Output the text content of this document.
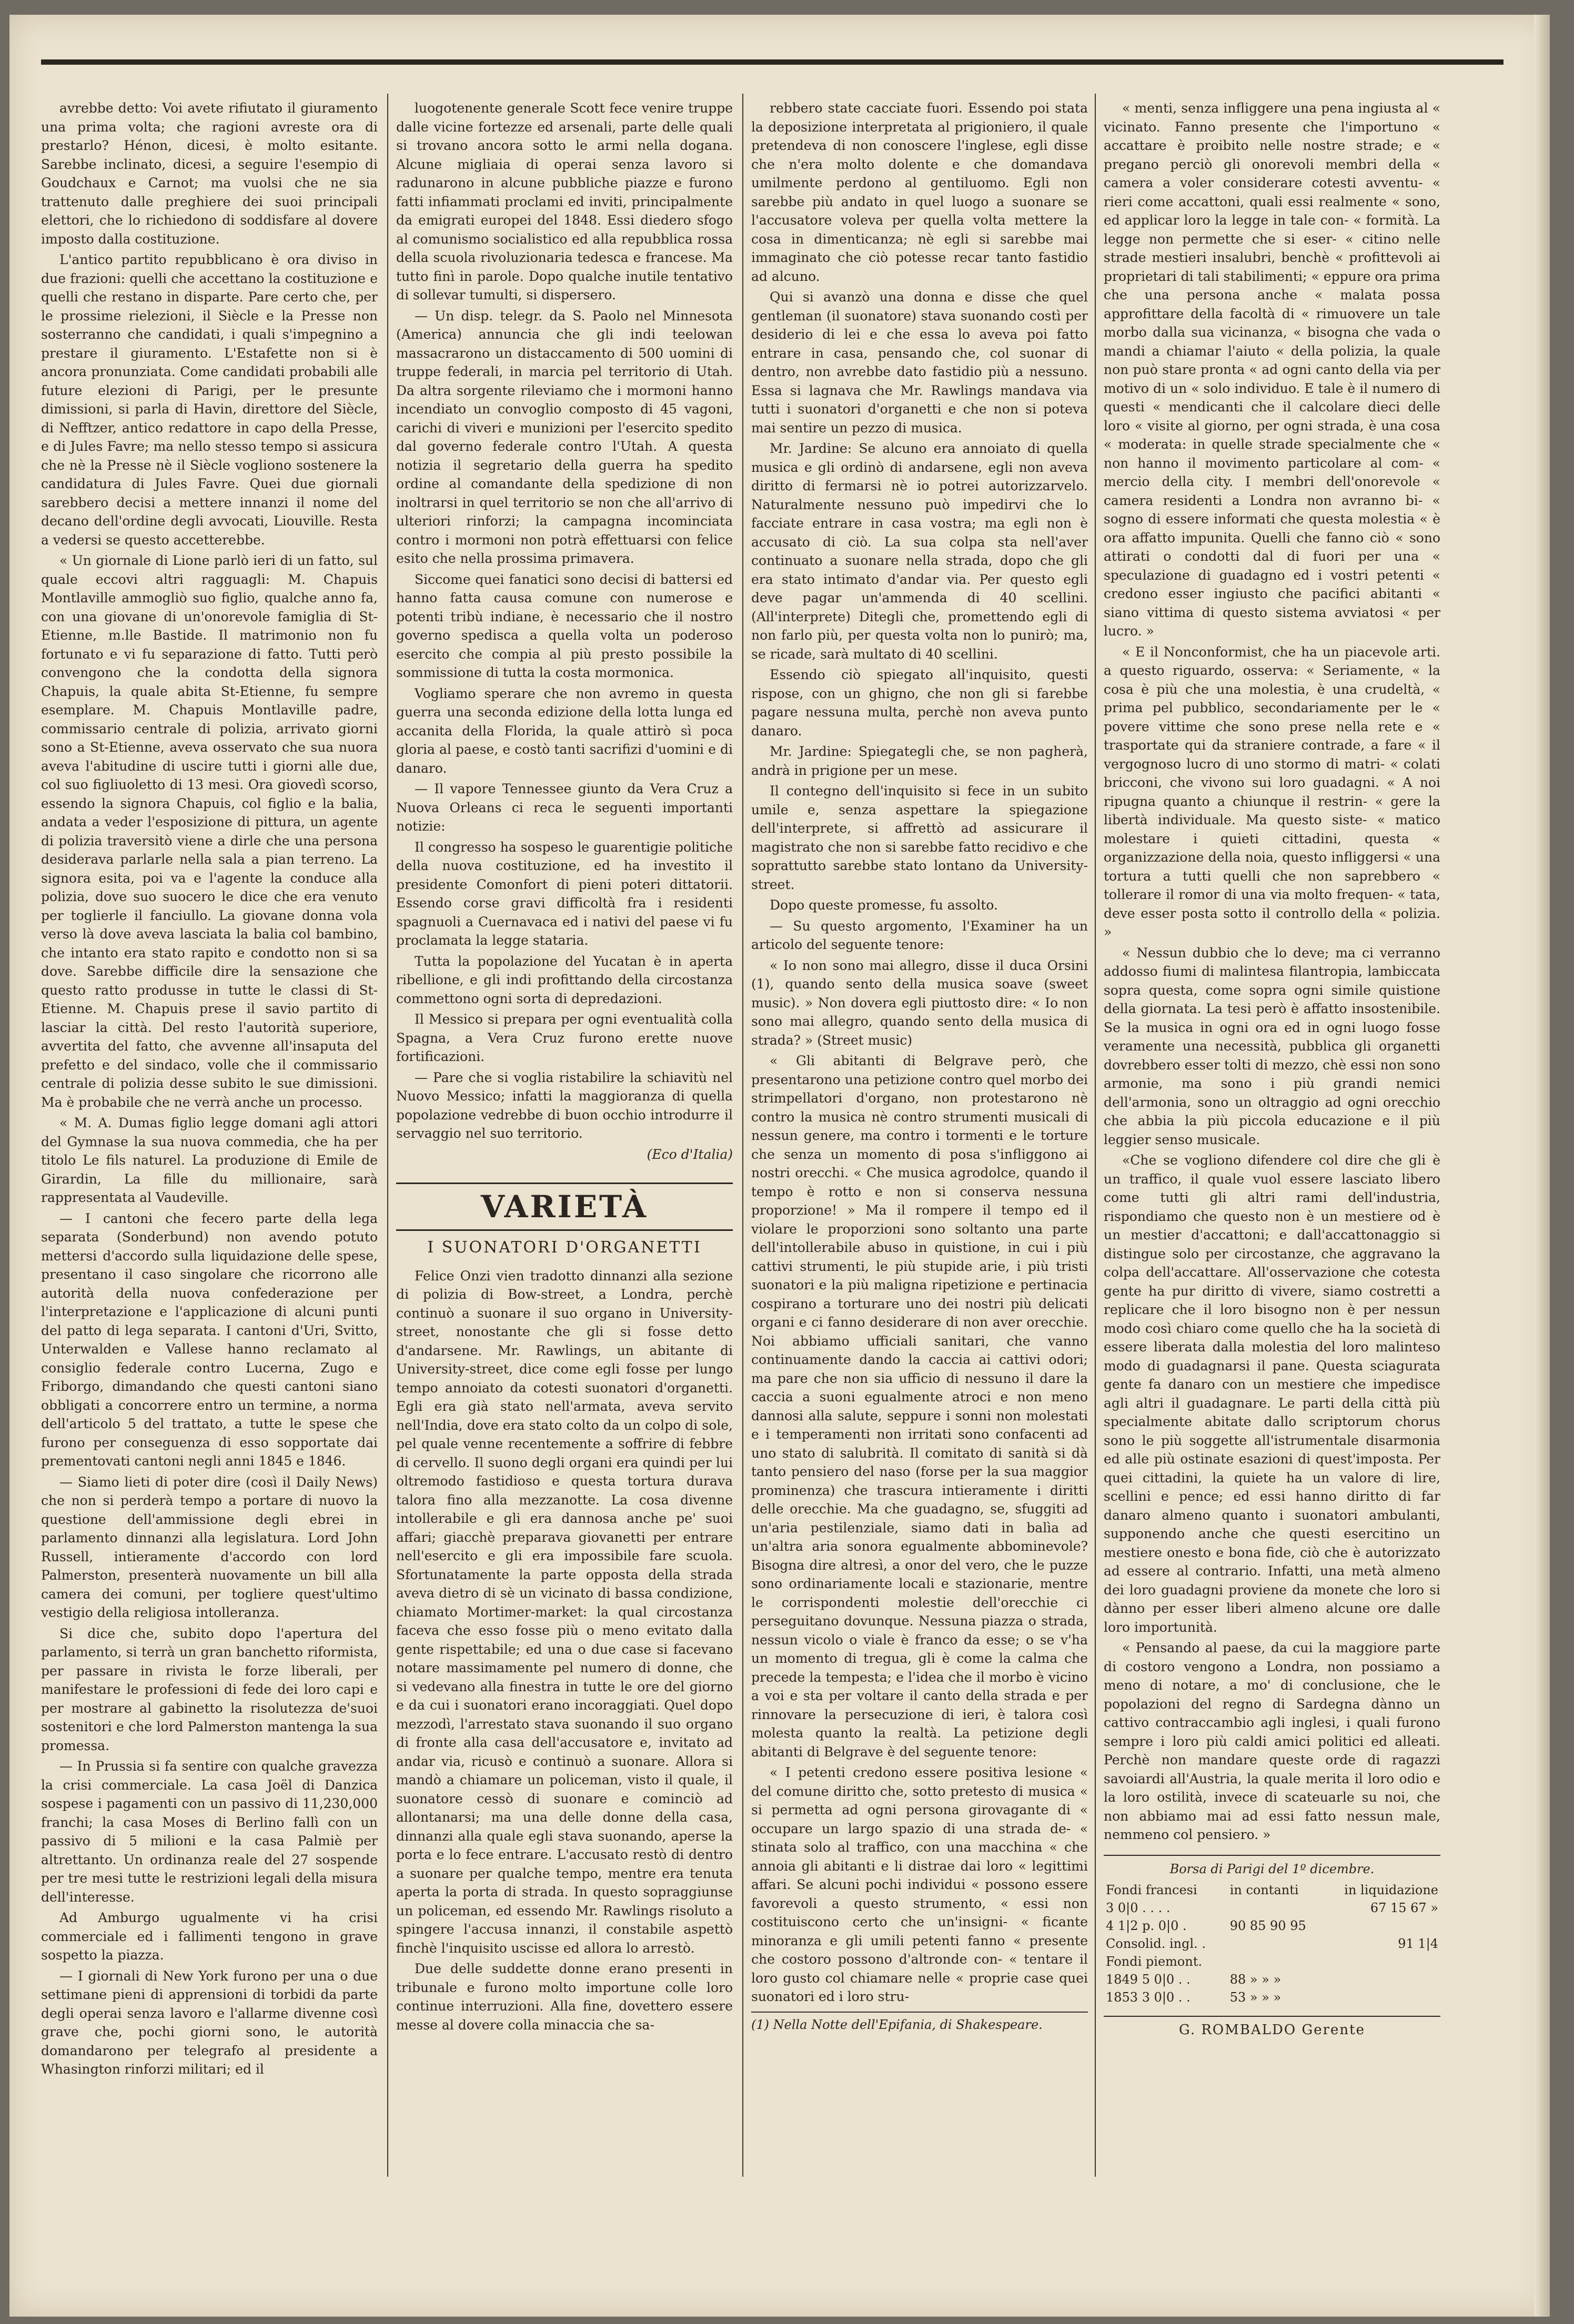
avrebbe detto: Voi avete rifiutato il giuramento una prima volta; che ragioni avreste ora di prestarlo? Hénon, dicesi, è molto esitante. Sarebbe inclinato, dicesi, a seguire l'esempio di Goudchaux e Carnot; ma vuolsi che ne sia trattenuto dalle preghiere dei suoi principali elettori, che lo richiedono di soddisfare al dovere imposto dalla costituzione.

L'antico partito repubblicano è ora diviso in due frazioni: quelli che accettano la costituzione e quelli che restano in disparte. Pare certo che, per le prossime rielezioni, il Siècle e la Presse non sosterranno che candidati, i quali s'impegnino a prestare il giuramento. L'Estafette non si è ancora pronunziata. Come candidati probabili alle future elezioni di Parigi, per le presunte dimissioni, si parla di Havin, direttore del Siècle, di Nefftzer, antico redattore in capo della Presse, e di Jules Favre; ma nello stesso tempo si assicura che nè la Presse nè il Siècle vogliono sostenere la candidatura di Jules Favre. Quei due giornali sarebbero decisi a mettere innanzi il nome del decano dell'ordine degli avvocati, Liouville. Resta a vedersi se questo accetterebbe.

« Un giornale di Lione parlò ieri di un fatto, sul quale eccovi altri ragguagli: M. Chapuis Montlaville ammogliò suo figlio, qualche anno fa, con una giovane di un'onorevole famiglia di St-Etienne, m.lle Bastide. Il matrimonio non fu fortunato e vi fu separazione di fatto. Tutti però convengono che la condotta della signora Chapuis, la quale abita St-Etienne, fu sempre esemplare. M. Chapuis Montlaville padre, commissario centrale di polizia, arrivato giorni sono a St-Etienne, aveva osservato che sua nuora aveva l'abitudine di uscire tutti i giorni alle due, col suo figliuoletto di 13 mesi. Ora giovedì scorso, essendo la signora Chapuis, col figlio e la balia, andata a veder l'esposizione di pittura, un agente di polizia traversitò viene a dirle che una persona desiderava parlarle nella sala a pian terreno. La signora esita, poi va e l'agente la conduce alla polizia, dove suo suocero le dice che era venuto per toglierle il fanciullo. La giovane donna vola verso là dove aveva lasciata la balia col bambino, che intanto era stato rapito e condotto non si sa dove. Sarebbe difficile dire la sensazione che questo ratto produsse in tutte le classi di St-Etienne. M. Chapuis prese il savio partito di lasciar la città. Del resto l'autorità superiore, avvertita del fatto, che avvenne all'insaputa del prefetto e del sindaco, volle che il commissario centrale di polizia desse subito le sue dimissioni. Ma è probabile che ne verrà anche un processo.

« M. A. Dumas figlio legge domani agli attori del Gymnase la sua nuova commedia, che ha per titolo Le fils naturel. La produzione di Emile de Girardin, La fille du millionaire, sarà rappresentata al Vaudeville.

— I cantoni che fecero parte della lega separata (Sonderbund) non avendo potuto mettersi d'accordo sulla liquidazione delle spese, presentano il caso singolare che ricorrono alle autorità della nuova confederazione per l'interpretazione e l'applicazione di alcuni punti del patto di lega separata. I cantoni d'Uri, Svitto, Unterwalden e Vallese hanno reclamato al consiglio federale contro Lucerna, Zugo e Friborgo, dimandando che questi cantoni siano obbligati a concorrere entro un termine, a norma dell'articolo 5 del trattato, a tutte le spese che furono per conseguenza di esso sopportate dai prementovati cantoni negli anni 1845 e 1846.

— Siamo lieti di poter dire (così il Daily News) che non si perderà tempo a portare di nuovo la questione dell'ammissione degli ebrei in parlamento dinnanzi alla legislatura. Lord John Russell, intieramente d'accordo con lord Palmerston, presenterà nuovamente un bill alla camera dei comuni, per togliere quest'ultimo vestigio della religiosa intolleranza.

Si dice che, subito dopo l'apertura del parlamento, si terrà un gran banchetto riformista, per passare in rivista le forze liberali, per manifestare le professioni di fede dei loro capi e per mostrare al gabinetto la risolutezza de'suoi sostenitori e che lord Palmerston mantenga la sua promessa.

— In Prussia si fa sentire con qualche gravezza la crisi commerciale. La casa Joël di Danzica sospese i pagamenti con un passivo di 11,230,000 franchi; la casa Moses di Berlino fallì con un passivo di 5 milioni e la casa Palmiè per altrettanto. Un ordinanza reale del 27 sospende per tre mesi tutte le restrizioni legali della misura dell'interesse.

Ad Amburgo ugualmente vi ha crisi commerciale ed i fallimenti tengono in grave sospetto la piazza.

— I giornali di New York furono per una o due settimane pieni di apprensioni di torbidi da parte degli operai senza lavoro e l'allarme divenne così grave che, pochi giorni sono, le autorità domandarono per telegrafo al presidente a Whasington rinforzi militari; ed il

luogotenente generale Scott fece venire truppe dalle vicine fortezze ed arsenali, parte delle quali si trovano ancora sotto le armi nella dogana. Alcune migliaia di operai senza lavoro si radunarono in alcune pubbliche piazze e furono fatti infiammati proclami ed inviti, principalmente da emigrati europei del 1848. Essi diedero sfogo al comunismo socialistico ed alla repubblica rossa della scuola rivoluzionaria tedesca e francese. Ma tutto finì in parole. Dopo qualche inutile tentativo di sollevar tumulti, si dispersero.

— Un disp. telegr. da S. Paolo nel Minnesota (America) annuncia che gli indi teelowan massacrarono un distaccamento di 500 uomini di truppe federali, in marcia pel territorio di Utah. Da altra sorgente rileviamo che i mormoni hanno incendiato un convoglio composto di 45 vagoni, carichi di viveri e munizioni per l'esercito spedito dal governo federale contro l'Utah. A questa notizia il segretario della guerra ha spedito ordine al comandante della spedizione di non inoltrarsi in quel territorio se non che all'arrivo di ulteriori rinforzi; la campagna incominciata contro i mormoni non potrà effettuarsi con felice esito che nella prossima primavera.

Siccome quei fanatici sono decisi di battersi ed hanno fatta causa comune con numerose e potenti tribù indiane, è necessario che il nostro governo spedisca a quella volta un poderoso esercito che compia al più presto possibile la sommissione di tutta la costa mormonica.

Vogliamo sperare che non avremo in questa guerra una seconda edizione della lotta lunga ed accanita della Florida, la quale attirò sì poca gloria al paese, e costò tanti sacrifizi d'uomini e di danaro.

— Il vapore Tennessee giunto da Vera Cruz a Nuova Orleans ci reca le seguenti importanti notizie:

Il congresso ha sospeso le guarentigie politiche della nuova costituzione, ed ha investito il presidente Comonfort di pieni poteri dittatorii. Essendo corse gravi difficoltà fra i residenti spagnuoli a Cuernavaca ed i nativi del paese vi fu proclamata la legge stataria.

Tutta la popolazione del Yucatan è in aperta ribellione, e gli indi profittando della circostanza commettono ogni sorta di depredazioni.

Il Messico si prepara per ogni eventualità colla Spagna, a Vera Cruz furono erette nuove fortificazioni.

— Pare che si voglia ristabilire la schiavitù nel Nuovo Messico; infatti la maggioranza di quella popolazione vedrebbe di buon occhio introdurre il servaggio nel suo territorio.

(Eco d'Italia)

VARIETÀ
I SUONATORI D'ORGANETTI

Felice Onzi vien tradotto dinnanzi alla sezione di polizia di Bow-street, a Londra, perchè continuò a suonare il suo organo in University-street, nonostante che gli si fosse detto d'andarsene. Mr. Rawlings, un abitante di University-street, dice come egli fosse per lungo tempo annoiato da cotesti suonatori d'organetti. Egli era già stato nell'armata, aveva servito nell'India, dove era stato colto da un colpo di sole, pel quale venne recentemente a soffrire di febbre di cervello. Il suono degli organi era quindi per lui oltremodo fastidioso e questa tortura durava talora fino alla mezzanotte. La cosa divenne intollerabile e gli era dannosa anche pe' suoi affari; giacchè preparava giovanetti per entrare nell'esercito e gli era impossibile fare scuola. Sfortunatamente la parte opposta della strada aveva dietro di sè un vicinato di bassa condizione, chiamato Mortimer-market: la qual circostanza faceva che esso fosse più o meno evitato dalla gente rispettabile; ed una o due case si facevano notare massimamente pel numero di donne, che si vedevano alla finestra in tutte le ore del giorno e da cui i suonatori erano incoraggiati. Quel dopo mezzodì, l'arrestato stava suonando il suo organo di fronte alla casa dell'accusatore e, invitato ad andar via, ricusò e continuò a suonare. Allora si mandò a chiamare un policeman, visto il quale, il suonatore cessò di suonare e cominciò ad allontanarsi; ma una delle donne della casa, dinnanzi alla quale egli stava suonando, aperse la porta e lo fece entrare. L'accusato restò di dentro a suonare per qualche tempo, mentre era tenuta aperta la porta di strada. In questo sopraggiunse un policeman, ed essendo Mr. Rawlings risoluto a spingere l'accusa innanzi, il constabile aspettò finchè l'inquisito uscisse ed allora lo arrestò.

Due delle suddette donne erano presenti in tribunale e furono molto importune colle loro continue interruzioni. Alla fine, dovettero essere messe al dovere colla minaccia che sa-

rebbero state cacciate fuori. Essendo poi stata la deposizione interpretata al prigioniero, il quale pretendeva di non conoscere l'inglese, egli disse che n'era molto dolente e che domandava umilmente perdono al gentiluomo. Egli non sarebbe più andato in quel luogo a suonare se l'accusatore voleva per quella volta mettere la cosa in dimenticanza; nè egli si sarebbe mai immaginato che ciò potesse recar tanto fastidio ad alcuno.

Qui si avanzò una donna e disse che quel gentleman (il suonatore) stava suonando costì per desiderio di lei e che essa lo aveva poi fatto entrare in casa, pensando che, col suonar di dentro, non avrebbe dato fastidio più a nessuno. Essa si lagnava che Mr. Rawlings mandava via tutti i suonatori d'organetti e che non si poteva mai sentire un pezzo di musica.

Mr. Jardine: Se alcuno era annoiato di quella musica e gli ordinò di andarsene, egli non aveva diritto di fermarsi nè io potrei autorizzarvelo. Naturalmente nessuno può impedirvi che lo facciate entrare in casa vostra; ma egli non è accusato di ciò. La sua colpa sta nell'aver continuato a suonare nella strada, dopo che gli era stato intimato d'andar via. Per questo egli deve pagar un'ammenda di 40 scellini. (All'interprete) Ditegli che, promettendo egli di non farlo più, per questa volta non lo punirò; ma, se ricade, sarà multato di 40 scellini.

Essendo ciò spiegato all'inquisito, questi rispose, con un ghigno, che non gli si farebbe pagare nessuna multa, perchè non aveva punto danaro.

Mr. Jardine: Spiegategli che, se non pagherà, andrà in prigione per un mese.

Il contegno dell'inquisito si fece in un subito umile e, senza aspettare la spiegazione dell'interprete, si affrettò ad assicurare il magistrato che non si sarebbe fatto recidivo e che soprattutto sarebbe stato lontano da University-street.

Dopo queste promesse, fu assolto.

— Su questo argomento, l'Examiner ha un articolo del seguente tenore:

« Io non sono mai allegro, disse il duca Orsini (1), quando sento della musica soave (sweet music). » Non dovera egli piuttosto dire: « Io non sono mai allegro, quando sento della musica di strada? » (Street music)

« Gli abitanti di Belgrave però, che presentarono una petizione contro quel morbo dei strimpellatori d'organo, non protestarono nè contro la musica nè contro strumenti musicali di nessun genere, ma contro i tormenti e le torture che senza un momento di posa s'infliggono ai nostri orecchi. « Che musica agrodolce, quando il tempo è rotto e non si conserva nessuna proporzione! » Ma il rompere il tempo ed il violare le proporzioni sono soltanto una parte dell'intollerabile abuso in quistione, in cui i più cattivi strumenti, le più stupide arie, i più tristi suonatori e la più maligna ripetizione e pertinacia cospirano a torturare uno dei nostri più delicati organi e ci fanno desiderare di non aver orecchie. Noi abbiamo ufficiali sanitari, che vanno continuamente dando la caccia ai cattivi odori; ma pare che non sia ufficio di nessuno il dare la caccia a suoni egualmente atroci e non meno dannosi alla salute, seppure i sonni non molestati e i temperamenti non irritati sono confacenti ad uno stato di salubrità. Il comitato di sanità si dà tanto pensiero del naso (forse per la sua maggior prominenza) che trascura intieramente i diritti delle orecchie. Ma che guadagno, se, sfuggiti ad un'aria pestilenziale, siamo dati in balìa ad un'altra aria sonora egualmente abbominevole? Bisogna dire altresì, a onor del vero, che le puzze sono ordinariamente locali e stazionarie, mentre le corrispondenti molestie dell'orecchie ci perseguitano dovunque. Nessuna piazza o strada, nessun vicolo o viale è franco da esse; o se v'ha un momento di tregua, gli è come la calma che precede la tempesta; e l'idea che il morbo è vicino a voi e sta per voltare il canto della strada e per rinnovare la persecuzione di ieri, è talora così molesta quanto la realtà. La petizione degli abitanti di Belgrave è del seguente tenore:

« I petenti credono essere positiva lesione « del comune diritto che, sotto pretesto di musica « si permetta ad ogni persona girovagante di « occupare un largo spazio di una strada de- « stinata solo al traffico, con una macchina « che annoia gli abitanti e li distrae dai loro « legittimi affari. Se alcuni pochi individui « possono essere favorevoli a questo strumento, « essi non costituiscono certo che un'insigni- « ficante minoranza e gli umili petenti fanno « presente che costoro possono d'altronde con- « tentare il loro gusto col chiamare nelle « proprie case quei suonatori ed i loro stru-

(1) Nella Notte dell'Epifania, di Shakespeare.

« menti, senza infliggere una pena ingiusta al « vicinato. Fanno presente che l'importuno « accattare è proibito nelle nostre strade; e « pregano perciò gli onorevoli membri della « camera a voler considerare cotesti avventu- « rieri come accattoni, quali essi realmente « sono, ed applicar loro la legge in tale con- « formità. La legge non permette che si eser- « citino nelle strade mestieri insalubri, benchè « profittevoli ai proprietari di tali stabilimenti; « eppure ora prima che una persona anche « malata possa approfittare della facoltà di « rimuovere un tale morbo dalla sua vicinanza, « bisogna che vada o mandi a chiamar l'aiuto « della polizia, la quale non può stare pronta « ad ogni canto della via per motivo di un « solo individuo. E tale è il numero di questi « mendicanti che il calcolare dieci delle loro « visite al giorno, per ogni strada, è una cosa « moderata: in quelle strade specialmente che « non hanno il movimento particolare al com- « mercio della city. I membri dell'onorevole « camera residenti a Londra non avranno bi- « sogno di essere informati che questa molestia « è ora affatto impunita. Quelli che fanno ciò « sono attirati o condotti dal di fuori per una « speculazione di guadagno ed i vostri petenti « credono esser ingiusto che pacifici abitanti « siano vittima di questo sistema avviatosi « per lucro. »

« E il Nonconformist, che ha un piacevole arti. a questo riguardo, osserva: « Seriamente, « la cosa è più che una molestia, è una crudeltà, « prima pel pubblico, secondariamente per le « povere vittime che sono prese nella rete e « trasportate qui da straniere contrade, a fare « il vergognoso lucro di uno stormo di matri- « colati bricconi, che vivono sui loro guadagni. « A noi ripugna quanto a chiunque il restrin- « gere la libertà individuale. Ma questo siste- « matico molestare i quieti cittadini, questa « organizzazione della noia, questo infliggersi « una tortura a tutti quelli che non saprebbero « tollerare il romor di una via molto frequen- « tata, deve esser posta sotto il controllo della « polizia. »

« Nessun dubbio che lo deve; ma ci verranno addosso fiumi di malintesa filantropia, lambiccata sopra questa, come sopra ogni simile quistione della giornata. La tesi però è affatto insostenibile. Se la musica in ogni ora ed in ogni luogo fosse veramente una necessità, pubblica gli organetti dovrebbero esser tolti di mezzo, chè essi non sono armonie, ma sono i più grandi nemici dell'armonia, sono un oltraggio ad ogni orecchio che abbia la più piccola educazione e il più leggier senso musicale.

«Che se vogliono difendere col dire che gli è un traffico, il quale vuol essere lasciato libero come tutti gli altri rami dell'industria, rispondiamo che questo non è un mestiere od è un mestier d'accattoni; e dall'accattonaggio si distingue solo per circostanze, che aggravano la colpa dell'accattare. All'osservazione che cotesta gente ha pur diritto di vivere, siamo costretti a replicare che il loro bisogno non è per nessun modo così chiaro come quello che ha la società di essere liberata dalla molestia del loro malinteso modo di guadagnarsi il pane. Questa sciagurata gente fa danaro con un mestiere che impedisce agli altri il guadagnare. Le parti della città più specialmente abitate dallo scriptorum chorus sono le più soggette all'istrumentale disarmonia ed alle più ostinate esazioni di quest'imposta. Per quei cittadini, la quiete ha un valore di lire, scellini e pence; ed essi hanno diritto di far danaro almeno quanto i suonatori ambulanti, supponendo anche che questi esercitino un mestiere onesto e bona fide, ciò che è autorizzato ad essere al contrario. Infatti, una metà almeno dei loro guadagni proviene da monete che loro si dànno per esser liberi almeno alcune ore dalle loro importunità.

« Pensando al paese, da cui la maggiore parte di costoro vengono a Londra, non possiamo a meno di notare, a mo' di conclusione, che le popolazioni del regno di Sardegna dànno un cattivo contraccambio agli inglesi, i quali furono sempre i loro più caldi amici politici ed alleati. Perchè non mandare queste orde di ragazzi savoiardi all'Austria, la quale merita il loro odio e la loro ostilità, invece di scateuarle su noi, che non abbiamo mai ad essi fatto nessun male, nemmeno col pensiero. »

Borsa di Parigi del 1º dicembre.
Fondi francesi	in contanti	in liquidazione
3 0|0 . . . .		67 15 67 »
4 1|2 p. 0|0 .	90 85 90 95	
Consolid. ingl. .		91 1|4
Fondi piemont.		
1849 5 0|0 . .	88 » » »	
1853 3 0|0 . .	53 » » »	
G. ROMBALDO Gerente
